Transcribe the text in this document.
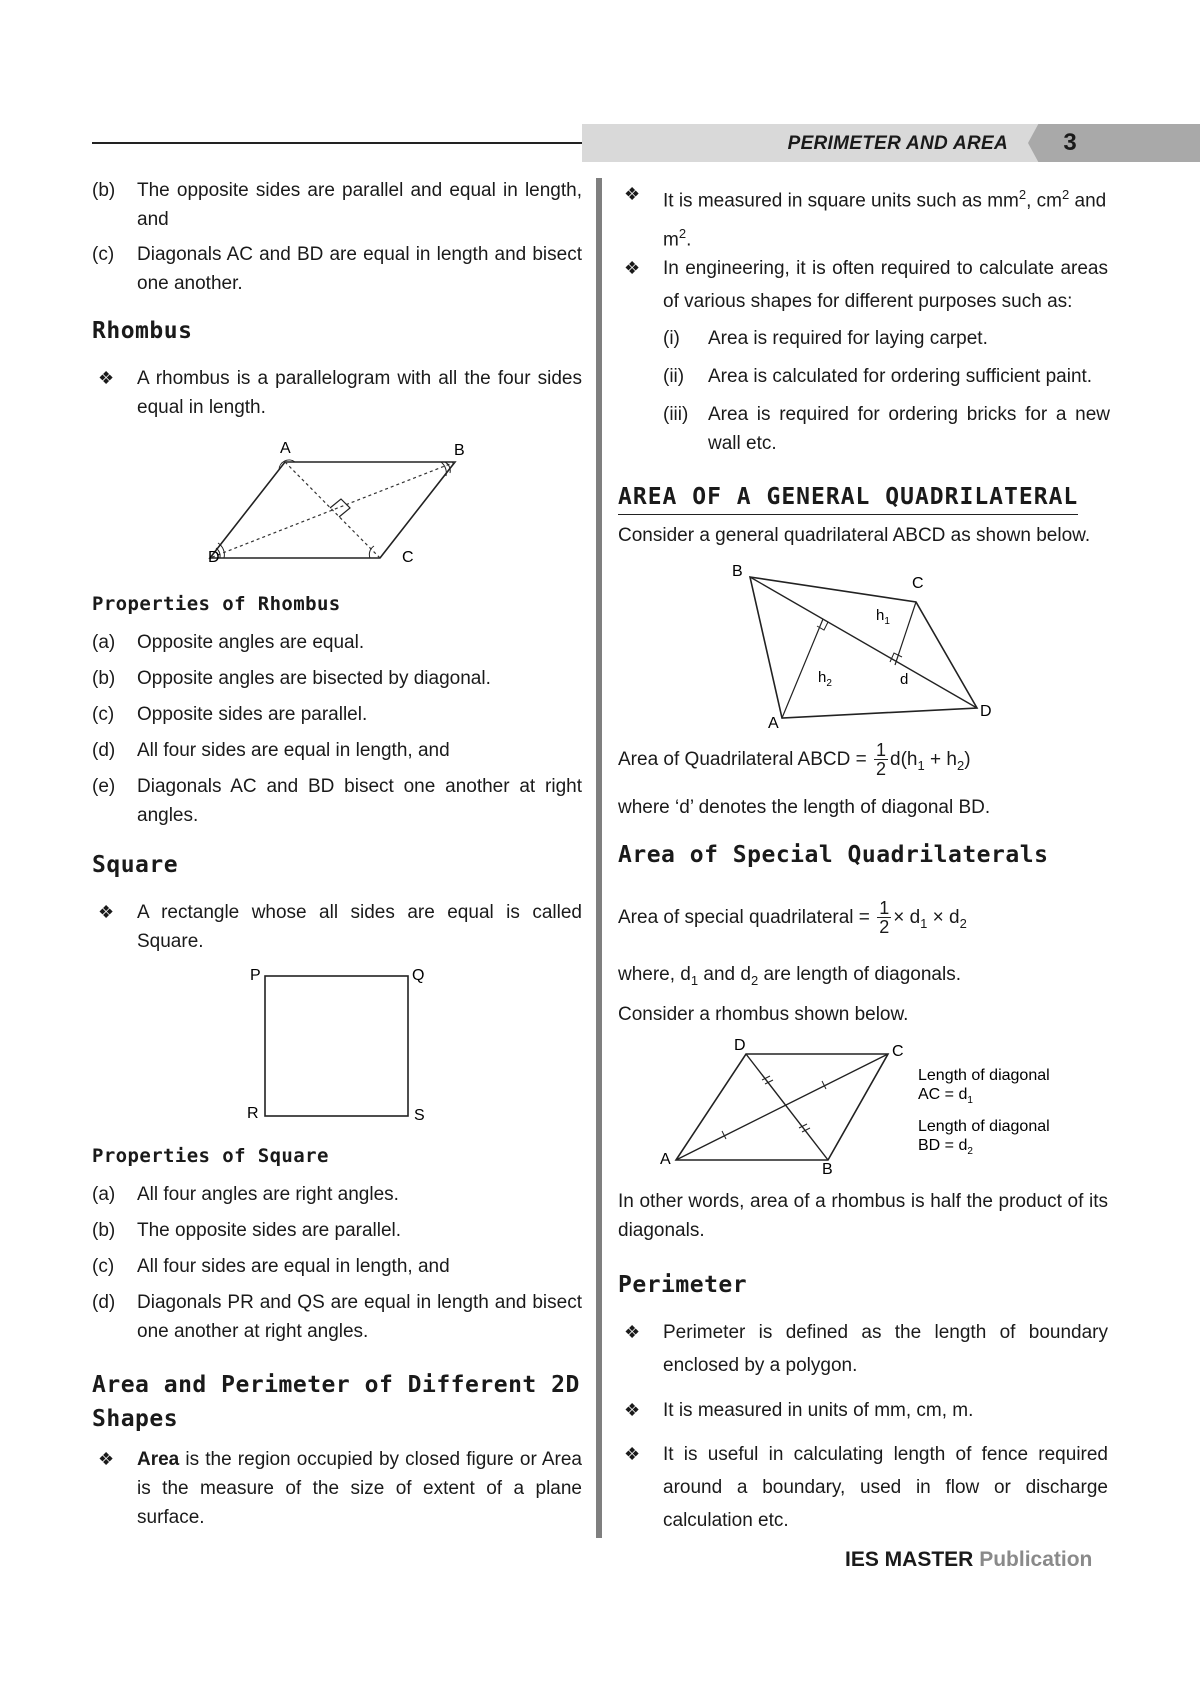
PERIMETER AND AREA	3
(b) The opposite sides are parallel and equal in length, and
(c) Diagonals AC and BD are equal in length and bisect one another.
Rhombus
❖ A rhombus is a parallelogram with all the four sides equal in length.
A	B
C
D
Properties of Rhombus
(a) Opposite angles are equal.
(b) Opposite angles are bisected by diagonal.
(c) Opposite sides are parallel.
(d) All four sides are equal in length, and
(e) Diagonals AC and BD bisect one another at right angles.
Square
❖ A rectangle whose all sides are equal is called Square.
P	Q
R	S
Properties of Square
(a) All four angles are right angles.
(b) The opposite sides are parallel.
(c) All four sides are equal in length, and
(d) Diagonals PR and QS are equal in length and bisect one another at right angles.
Area and Perimeter of Different 2D Shapes
❖ Area is the region occupied by closed figure or Area is the measure of the size of extent of a plane surface.
❖ It is measured in square units such as $mm^2$, $cm^2$ and $m^2$.
❖ In engineering, it is often required to calculate areas of various shapes for different purposes such as:
(i) Area is required for laying carpet.
(ii) Area is calculated for ordering sufficient paint.
(iii) Area is required for ordering bricks for a new wall etc.
AREA OF A GENERAL QUADRILATERAL
Consider a general quadrilateral ABCD as shown below.
B
C
D
A
$h_1$
$h_2$	d
Area of Quadrilateral ABCD = $\frac{1}{2} d(h_1 + h_2)$
where ‘d’ denotes the length of diagonal BD.
Area of Special Quadrilaterals
Area of special quadrilateral = $\frac{1}{2} \times d_1 \times d_2$
where, $d_1$ and $d_2$ are length of diagonals.
Consider a rhombus shown below.
D	C
A
B
Length of diagonal
AC = $d_1$
Length of diagonal
BD = $d_2$
In other words, area of a rhombus is half the product of its diagonals.
Perimeter
❖ Perimeter is defined as the length of boundary enclosed by a polygon.
❖ It is measured in units of mm, cm, m.
❖ It is useful in calculating length of fence required around a boundary, used in flow or discharge calculation etc.
IES MASTER Publication
